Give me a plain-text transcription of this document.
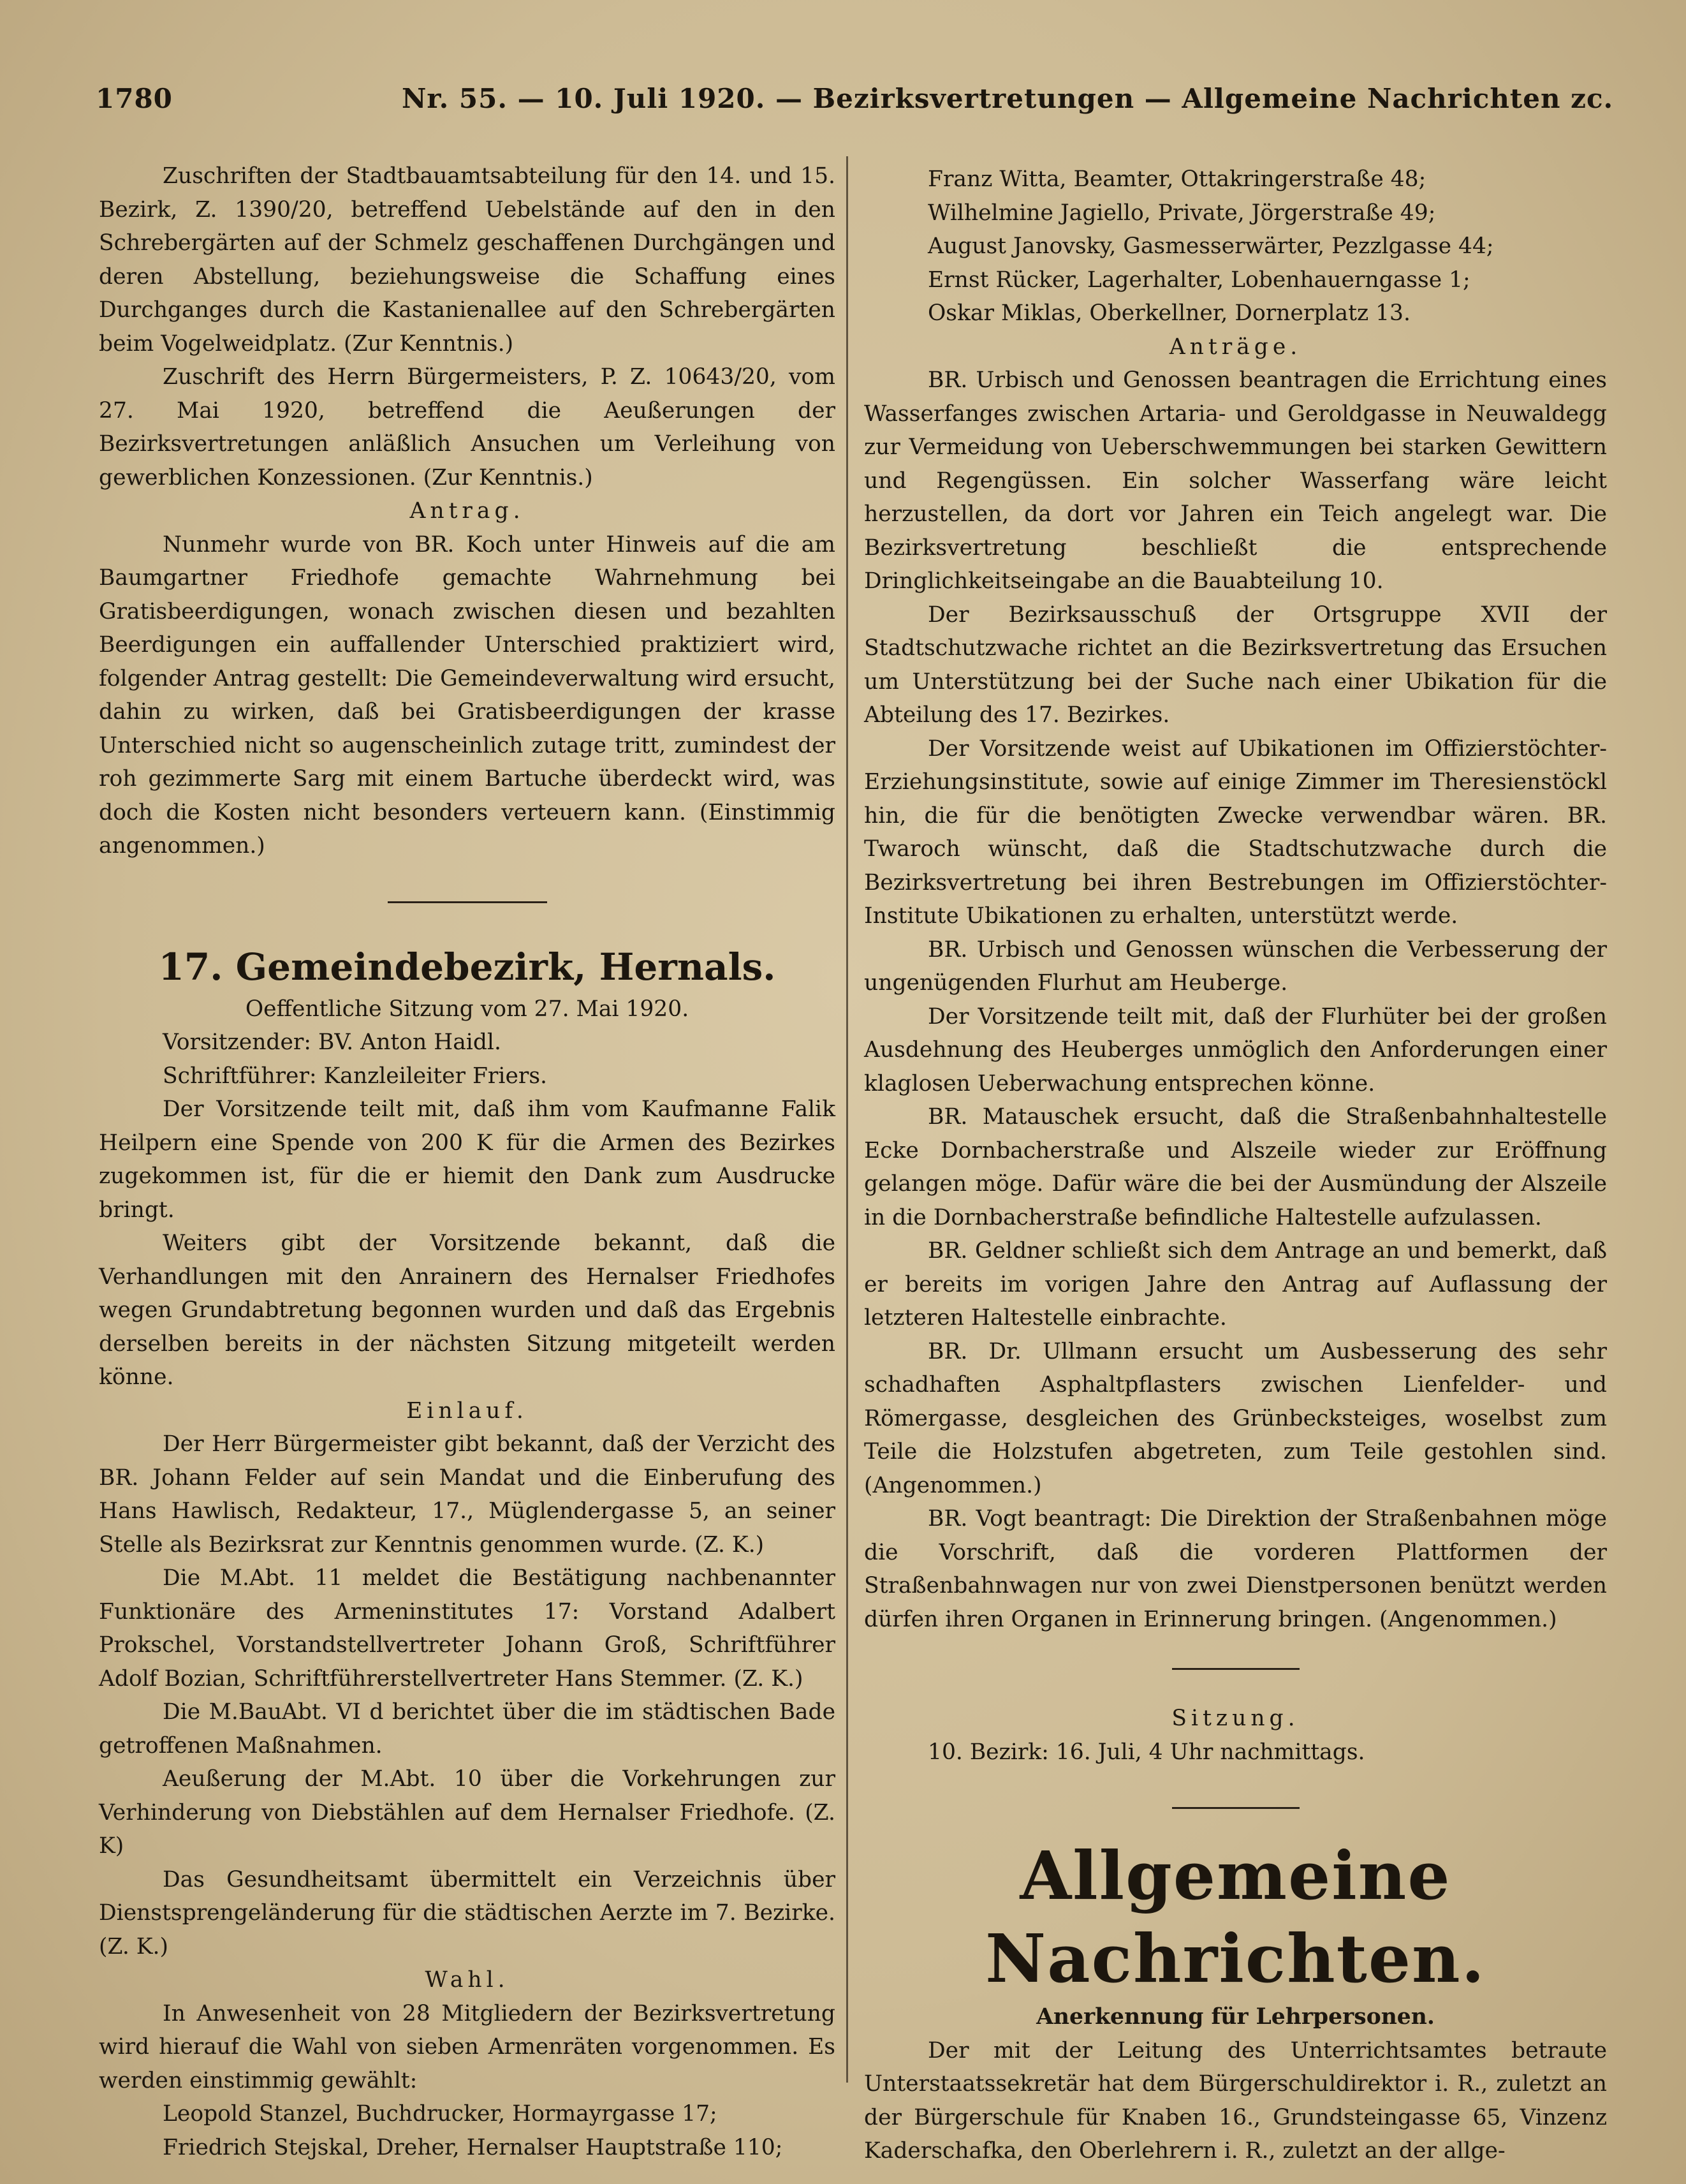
1780	Nr. 55. — 10. Juli 1920. — Bezirksvertretungen — Allgemeine Nachrichten zc.

Zuschriften der Stadtbauamtsabteilung für den 14. und 15. Bezirk, Z. 1390/20, betreffend Uebelstände auf den in den Schrebergärten auf der Schmelz geschaffenen Durchgängen und deren Abstellung, beziehungsweise die Schaffung eines Durchganges durch die Kastanienallee auf den Schrebergärten beim Vogelweidplatz. (Zur Kenntnis.)

Zuschrift des Herrn Bürgermeisters, P. Z. 10643/20, vom 27. Mai 1920, betreffend die Aeußerungen der Bezirksvertretungen anläßlich Ansuchen um Verleihung von gewerblichen Konzessionen. (Zur Kenntnis.)

Antrag.

Nunmehr wurde von BR. Koch unter Hinweis auf die am Baumgartner Friedhofe gemachte Wahrnehmung bei Gratisbeerdigungen, wonach zwischen diesen und bezahlten Beerdigungen ein auffallender Unterschied praktiziert wird, folgender Antrag gestellt: Die Gemeindeverwaltung wird ersucht, dahin zu wirken, daß bei Gratisbeerdigungen der krasse Unterschied nicht so augenscheinlich zutage tritt, zumindest der roh gezimmerte Sarg mit einem Bartuche überdeckt wird, was doch die Kosten nicht besonders verteuern kann. (Einstimmig angenommen.)

17. Gemeindebezirk, Hernals.

Oeffentliche Sitzung vom 27. Mai 1920.

Vorsitzender: BV. Anton Haidl.

Schriftführer: Kanzleileiter Friers.

Der Vorsitzende teilt mit, daß ihm vom Kaufmanne Falik Heilpern eine Spende von 200 K für die Armen des Bezirkes zugekommen ist, für die er hiemit den Dank zum Ausdrucke bringt.

Weiters gibt der Vorsitzende bekannt, daß die Verhandlungen mit den Anrainern des Hernalser Friedhofes wegen Grundabtretung begonnen wurden und daß das Ergebnis derselben bereits in der nächsten Sitzung mitgeteilt werden könne.

Einlauf.

Der Herr Bürgermeister gibt bekannt, daß der Verzicht des BR. Johann Felder auf sein Mandat und die Einberufung des Hans Hawlisch, Redakteur, 17., Müglendergasse 5, an seiner Stelle als Bezirksrat zur Kenntnis genommen wurde. (Z. K.)

Die M.Abt. 11 meldet die Bestätigung nachbenannter Funktionäre des Armeninstitutes 17: Vorstand Adalbert Prokschel, Vorstandstellvertreter Johann Groß, Schriftführer Adolf Bozian, Schriftführerstellvertreter Hans Stemmer. (Z. K.)

Die M.BauAbt. VI d berichtet über die im städtischen Bade getroffenen Maßnahmen.

Aeußerung der M.Abt. 10 über die Vorkehrungen zur Verhinderung von Diebstählen auf dem Hernalser Friedhofe. (Z. K)

Das Gesundheitsamt übermittelt ein Verzeichnis über Dienstsprengeländerung für die städtischen Aerzte im 7. Bezirke. (Z. K.)

Wahl.

In Anwesenheit von 28 Mitgliedern der Bezirksvertretung wird hierauf die Wahl von sieben Armenräten vorgenommen. Es werden einstimmig gewählt:

Leopold Stanzel, Buchdrucker, Hormayrgasse 17;

Friedrich Stejskal, Dreher, Hernalser Hauptstraße 110;

Franz Witta, Beamter, Ottakringerstraße 48;

Wilhelmine Jagiello, Private, Jörgerstraße 49;

August Janovsky, Gasmesserwärter, Pezzlgasse 44;

Ernst Rücker, Lagerhalter, Lobenhauerngasse 1;

Oskar Miklas, Oberkellner, Dornerplatz 13.

Anträge.

BR. Urbisch und Genossen beantragen die Errichtung eines Wasserfanges zwischen Artaria- und Geroldgasse in Neuwaldegg zur Vermeidung von Ueberschwemmungen bei starken Gewittern und Regengüssen. Ein solcher Wasserfang wäre leicht herzustellen, da dort vor Jahren ein Teich angelegt war. Die Bezirksvertretung beschließt die entsprechende Dringlichkeitseingabe an die Bauabteilung 10.

Der Bezirksausschuß der Ortsgruppe XVII der Stadtschutzwache richtet an die Bezirksvertretung das Ersuchen um Unterstützung bei der Suche nach einer Ubikation für die Abteilung des 17. Bezirkes.

Der Vorsitzende weist auf Ubikationen im Offizierstöchter-Erziehungsinstitute, sowie auf einige Zimmer im Theresienstöckl hin, die für die benötigten Zwecke verwendbar wären. BR. Twaroch wünscht, daß die Stadtschutzwache durch die Bezirksvertretung bei ihren Bestrebungen im Offizierstöchter-Institute Ubikationen zu erhalten, unterstützt werde.

BR. Urbisch und Genossen wünschen die Verbesserung der ungenügenden Flurhut am Heuberge.

Der Vorsitzende teilt mit, daß der Flurhüter bei der großen Ausdehnung des Heuberges unmöglich den Anforderungen einer klaglosen Ueberwachung entsprechen könne.

BR. Matauschek ersucht, daß die Straßenbahnhaltestelle Ecke Dornbacherstraße und Alszeile wieder zur Eröffnung gelangen möge. Dafür wäre die bei der Ausmündung der Alszeile in die Dornbacherstraße befindliche Haltestelle aufzulassen.

BR. Geldner schließt sich dem Antrage an und bemerkt, daß er bereits im vorigen Jahre den Antrag auf Auflassung der letzteren Haltestelle einbrachte.

BR. Dr. Ullmann ersucht um Ausbesserung des sehr schadhaften Asphaltpflasters zwischen Lienfelder- und Römergasse, desgleichen des Grünbecksteiges, woselbst zum Teile die Holzstufen abgetreten, zum Teile gestohlen sind. (Angenommen.)

BR. Vogt beantragt: Die Direktion der Straßenbahnen möge die Vorschrift, daß die vorderen Plattformen der Straßenbahnwagen nur von zwei Dienstpersonen benützt werden dürfen ihren Organen in Erinnerung bringen. (Angenommen.)

Sitzung.

10. Bezirk: 16. Juli, 4 Uhr nachmittags.

Allgemeine Nachrichten.

Anerkennung für Lehrpersonen.

Der mit der Leitung des Unterrichtsamtes betraute Unterstaatssekretär hat dem Bürgerschuldirektor i. R., zuletzt an der Bürgerschule für Knaben 16., Grundsteingasse 65, Vinzenz Kaderschafka, den Oberlehrern i. R., zuletzt an der allge-
